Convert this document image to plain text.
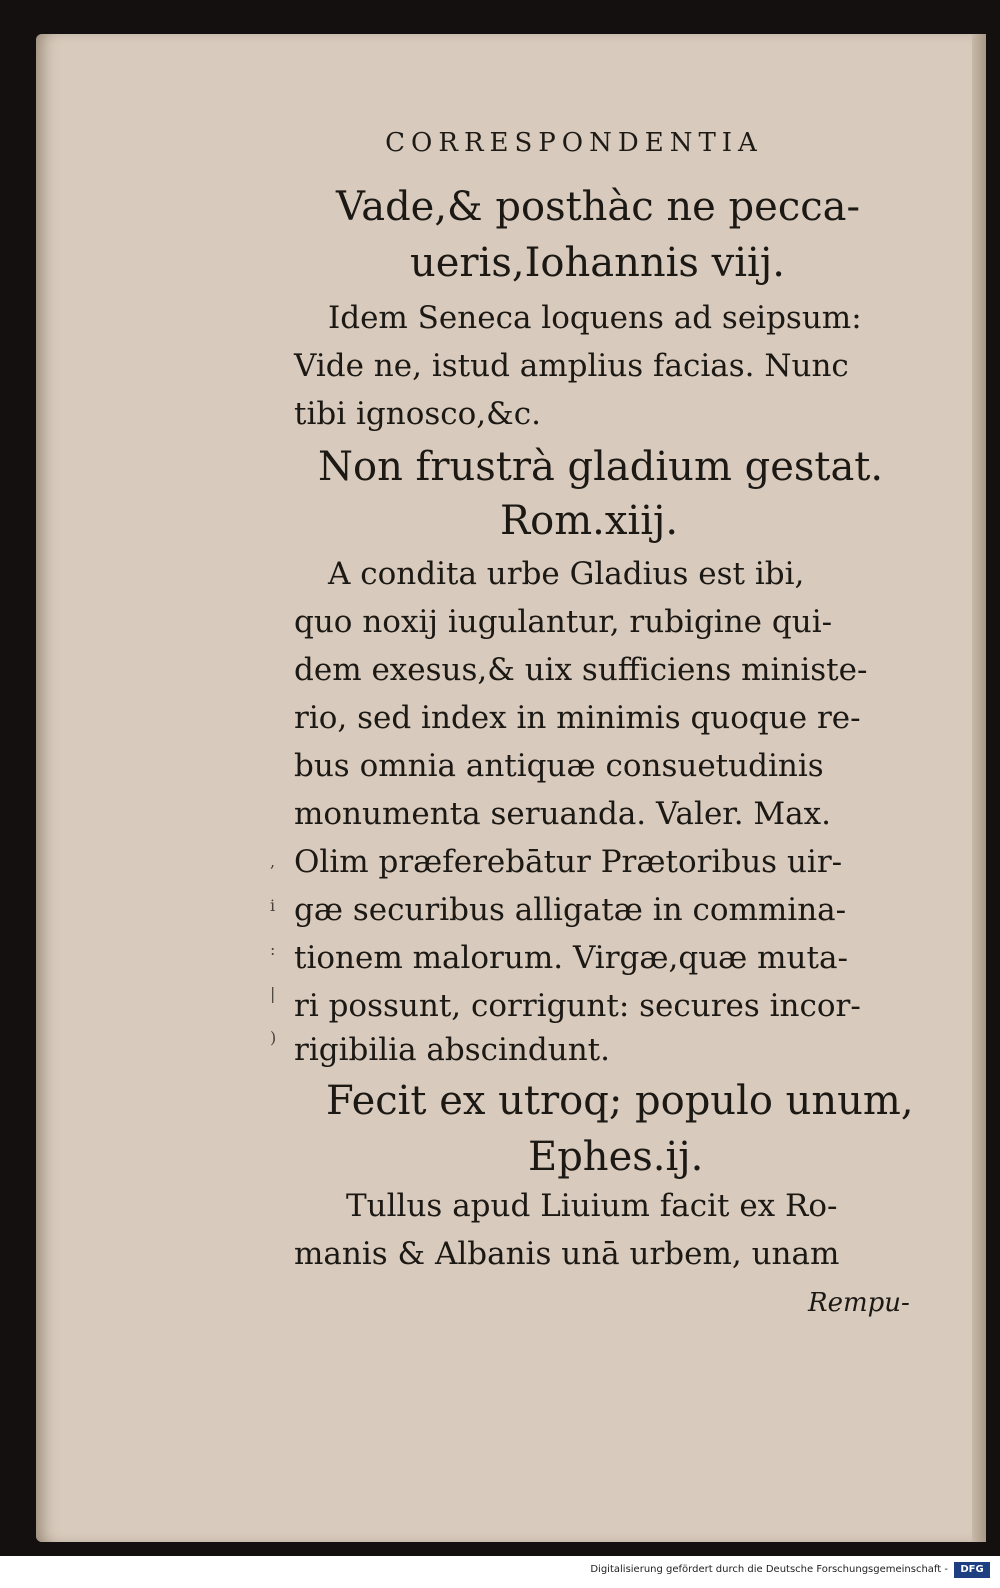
CORRESPONDENTIA
Vade,& posthàc ne pecca-
ueris,Iohannis viij.
Idem Seneca loquens ad seipsum:
Vide ne, istud amplius facias. Nunc
tibi ignosco,&c.
Non frustrà gladium gestat.
Rom.xiij.
A condita urbe Gladius est ibi,
quo noxij iugulantur, rubigine qui-
dem exesus,& uix sufficiens ministe-
rio, sed index in minimis quoque re-
bus omnia antiquæ consuetudinis
monumenta seruanda. Valer. Max.
Olim præferebātur Prætoribus uir-
gæ securibus alligatæ in commina-
tionem malorum. Virgæ,quæ muta-
ri possunt, corrigunt: secures incor-
rigibilia abscindunt.
Fecit ex utroq; populo unum,
Ephes.ij.
Tullus apud Liuium facit ex Ro-
manis & Albanis unā urbem, unam
Rempu-
,
i
:
|
)
Digitalisierung gefördert durch die Deutsche Forschungsgemeinschaft -	DFG
